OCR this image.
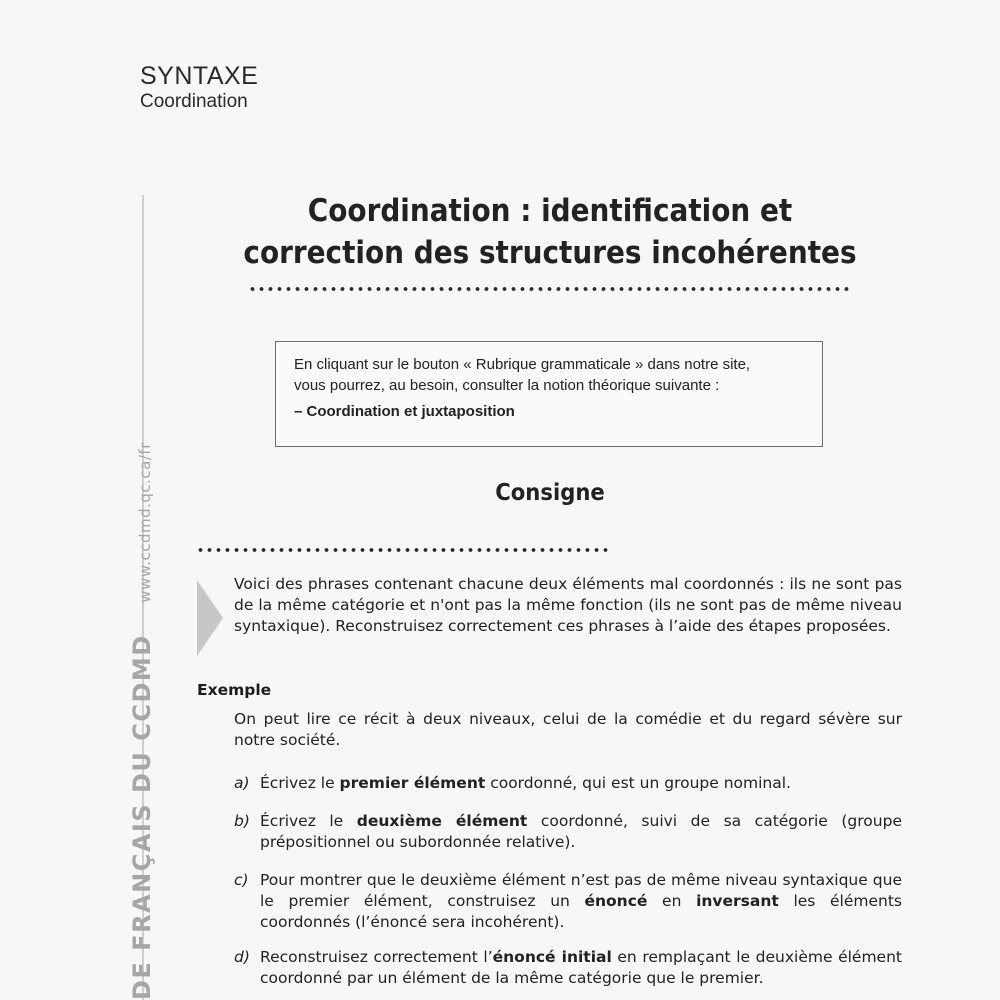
SYNTAXE
Coordination
DE FRANÇAIS DU CCDMD www.ccdmd.qc.ca/fr
Coordination : identification et
correction des structures incohérentes
En cliquant sur le bouton « Rubrique grammaticale » dans notre site,
vous pourrez, au besoin, consulter la notion théorique suivante :
– Coordination et juxtaposition
Consigne
Voici des phrases contenant chacune deux éléments mal coordonnés : ils ne sont pas de la même catégorie et n'ont pas la même fonction (ils ne sont pas de même niveau syntaxique). Reconstruisez correctement ces phrases à l’aide des étapes proposées.
Exemple
On peut lire ce récit à deux niveaux, celui de la comédie et du regard sévère sur notre société.
a) Écrivez le premier élément coordonné, qui est un groupe nominal.
b) Écrivez le deuxième élément coordonné, suivi de sa catégorie (groupe prépositionnel ou subordonnée relative).
c) Pour montrer que le deuxième élément n’est pas de même niveau syntaxique que le premier élément, construisez un énoncé en inversant les éléments coordonnés (l’énoncé sera incohérent).
d) Reconstruisez correctement l’énoncé initial en remplaçant le deuxième élément coordonné par un élément de la même catégorie que le premier.
